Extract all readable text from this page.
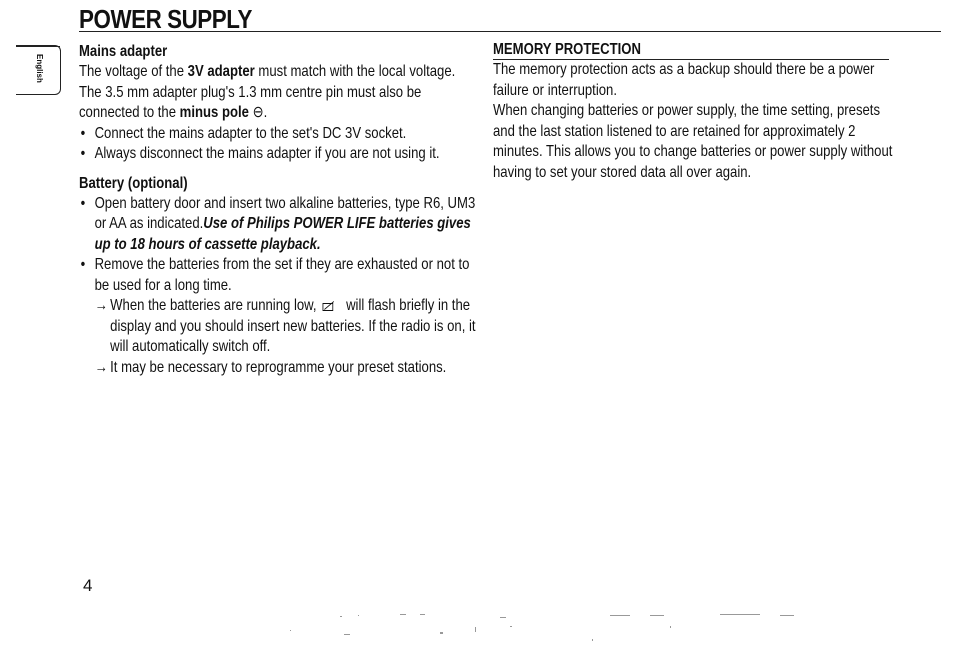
POWER SUPPLY
English
Mains adapter

The voltage of the 3V adapter must match with the local voltage. The 3.5 mm adapter plug's 1.3 mm centre pin must also be connected to the minus pole ⊖.

• Connect the mains adapter to the set's DC 3V socket.
• Always disconnect the mains adapter if you are not using it.
Battery (optional)
• Open battery door and insert two alkaline batteries, type R6, UM3 or AA as indicated.Use of Philips POWER LIFE batteries gives up to 18 hours of cassette playback.
• Remove the batteries from the set if they are exhausted or not to be used for a long time.
→ When the batteries are running low, will flash briefly in the display and you should insert new batteries. If the radio is on, it will automatically switch off.
→ It may be necessary to reprogramme your preset stations.
MEMORY PROTECTION

The memory protection acts as a backup should there be a power failure or interruption.

When changing batteries or power supply, the time setting, presets and the last station listened to are retained for approximately 2 minutes. This allows you to change batteries or power supply without having to set your stored data all over again.

4
